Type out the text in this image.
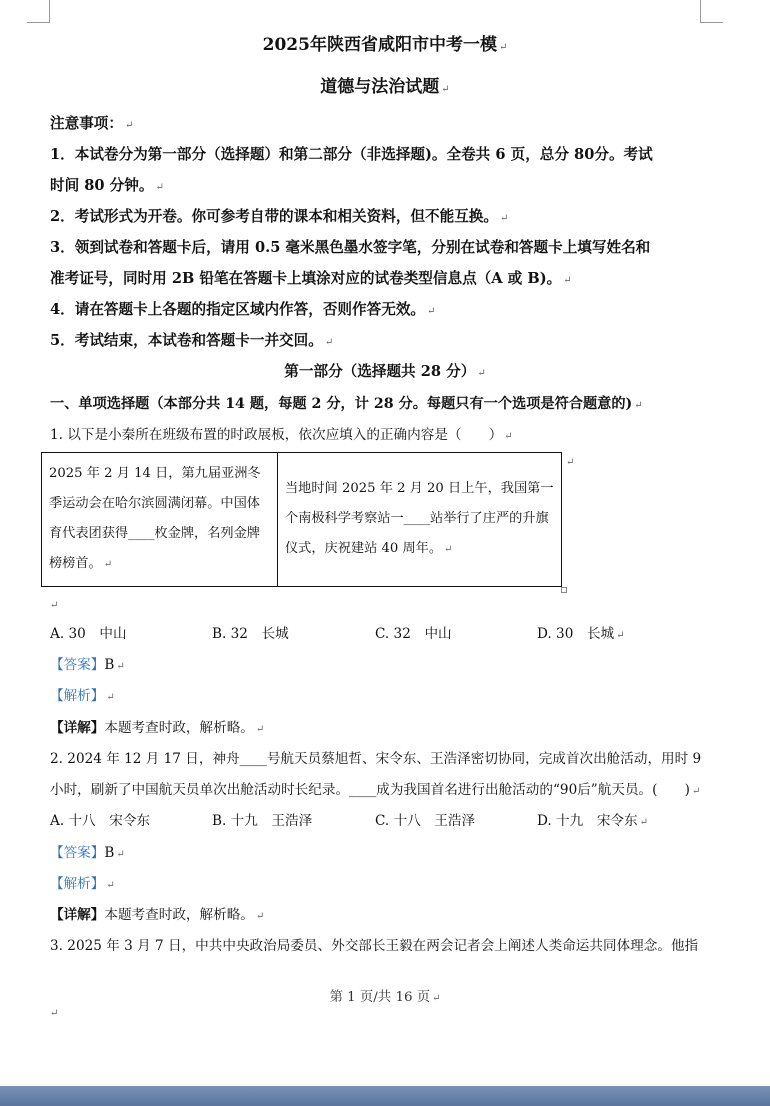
2025年陕西省咸阳市中考一模 ↵
道德与法治试题 ↵
注意事项： ↵
1．本试卷分为第一部分（选择题）和第二部分（非选择题)。全卷共 6 页，总分 80分。考试
时间 80 分钟。 ↵
2．考试形式为开卷。你可参考自带的课本和相关资料，但不能互换。 ↵
3．领到试卷和答题卡后，请用 0.5 毫米黑色墨水签字笔，分别在试卷和答题卡上填写姓名和
准考证号，同时用 2B 铅笔在答题卡上填涂对应的试卷类型信息点（A 或 B)。 ↵
4．请在答题卡上各题的指定区域内作答，否则作答无效。 ↵
5．考试结束，本试卷和答题卡一并交回。 ↵
第一部分（选择题共 28 分） ↵
一、单项选择题（本部分共 14 题，每题 2 分，计 28 分。每题只有一个选项是符合题意的) ↵
1. 以下是小秦所在班级布置的时政展板，依次应填入的正确内容是（　　） ↵
2025 年 2 月 14 日，第九届亚洲冬季运动会在哈尔滨圆满闭幕。中国体育代表团获得____枚金牌，名列金牌榜榜首。 ↵	当地时间 2025 年 2 月 20 日上午，我国第一个南极科学考察站一____站举行了庄严的升旗仪式，庆祝建站 40 周年。 ↵
↵
↵
A. 30　中山	B. 32　长城	C. 32　中山	D. 30　长城 ↵
【答案】B ↵
【解析】 ↵
【详解】本题考查时政，解析略。 ↵
2. 2024 年 12 月 17 日，神舟____号航天员蔡旭哲、宋令东、王浩泽密切协同，完成首次出舱活动，用时 9
小时，刷新了中国航天员单次出舱活动时长纪录。____成为我国首名进行出舱活动的“90后”航天员。(　　) ↵
A. 十八　宋令东	B. 十九　王浩泽	C. 十八　王浩泽	D. 十九　宋令东 ↵
【答案】B ↵
【解析】 ↵
【详解】本题考查时政，解析略。 ↵
3. 2025 年 3 月 7 日，中共中央政治局委员、外交部长王毅在两会记者会上阐述人类命运共同体理念。他指
第 1 页/共 16 页 ↵
↵
